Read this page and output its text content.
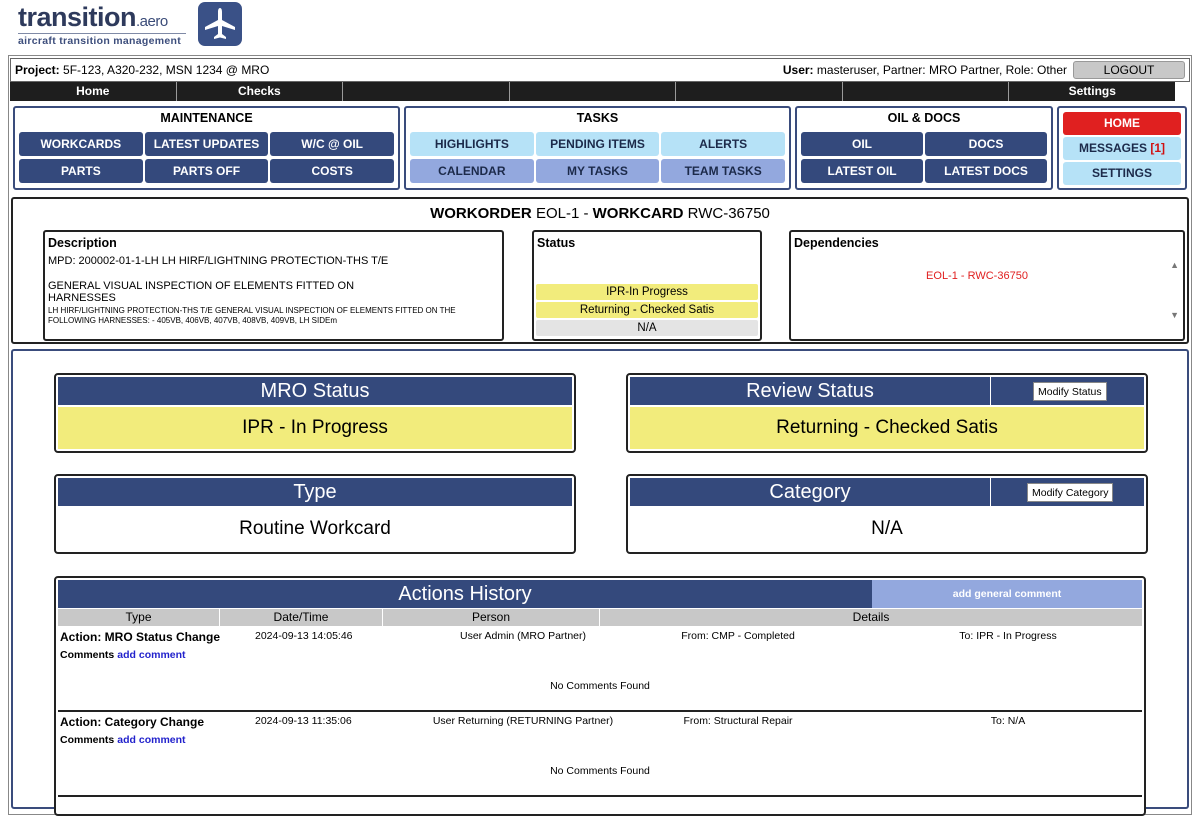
transition.aero
aircraft transition management
Project: 5F-123, A320-232, MSN 1234 @ MRO	User: masteruser, Partner: MRO Partner, Role: Other	LOGOUT
Home	Checks	Settings
MAINTENANCE
WORKCARDS	LATEST UPDATES	W/C @ OIL
PARTS	PARTS OFF	COSTS
TASKS
HIGHLIGHTS	PENDING ITEMS	ALERTS
CALENDAR	MY TASKS	TEAM TASKS
OIL & DOCS
OIL	DOCS
LATEST OIL	LATEST DOCS
HOME
MESSAGES [1]
SETTINGS
WORKORDER EOL-1 - WORKCARD RWC-36750
Description
MPD: 200002-01-1-LH LH HIRF/LIGHTNING PROTECTION-THS T/E
GENERAL VISUAL INSPECTION OF ELEMENTS FITTED ON HARNESSES
LH HIRF/LIGHTNING PROTECTION-THS T/E GENERAL VISUAL INSPECTION OF ELEMENTS FITTED ON THE FOLLOWING HARNESSES: - 405VB, 406VB, 407VB, 408VB, 409VB, LH SIDEm
Status
IPR-In Progress
Returning - Checked Satis
N/A
Dependencies
EOL-1 - RWC-36750
▲
▼
MRO Status
IPR - In Progress
Review Status	Modify Status
Returning - Checked Satis
Type
Routine Workcard
Category	Modify Category
N/A
Actions History	add general comment
Type	Date/Time	Person	Details
Action: MRO Status Change	2024-09-13 14:05:46	User Admin (MRO Partner)	From: CMP - Completed	To: IPR - In Progress
Comments add comment
No Comments Found
Action: Category Change	2024-09-13 11:35:06	User Returning (RETURNING Partner)	From: Structural Repair	To: N/A
Comments add comment
No Comments Found
